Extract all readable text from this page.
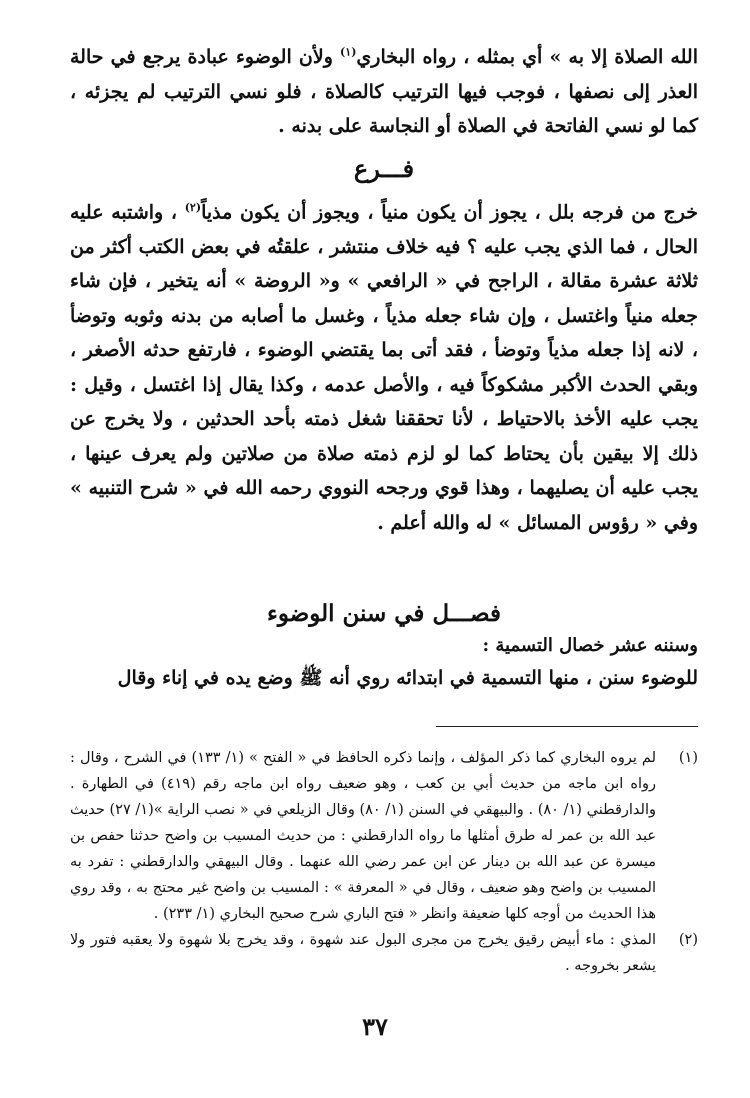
الله الصلاة إلا به » أي بمثله ، رواه البخاري$^{(١)}$ ولأن الوضوء عبادة يرجع في حالة العذر إلى نصفها ، فوجب فيها الترتيب كالصلاة ، فلو نسي الترتيب لم يجزئه ، كما لو نسي الفاتحة في الصلاة أو النجاسة على بدنه .

فـــرع

خرج من فرجه بلل ، يجوز أن يكون منياً ، ويجوز أن يكون مذياً$^{(٢)}$ ، واشتبه عليه الحال ، فما الذي يجب عليه ؟ فيه خلاف منتشر ، علقتُه في بعض الكتب أكثر من ثلاثة عشرة مقالة ، الراجح في « الرافعي » و« الروضة » أنه يتخير ، فإن شاء جعله منياً واغتسل ، وإن شاء جعله مذياً ، وغسل ما أصابه من بدنه وثوبه وتوضأ ، لانه إذا جعله مذياً وتوضأ ، فقد أتى بما يقتضي الوضوء ، فارتفع حدثه الأصغر ، وبقي الحدث الأكبر مشكوكاً فيه ، والأصل عدمه ، وكذا يقال إذا اغتسل ، وقيل : يجب عليه الأخذ بالاحتياط ، لأنا تحققنا شغل ذمته بأحد الحدثين ، ولا يخرج عن ذلك إلا بيقين بأن يحتاط كما لو لزم ذمته صلاة من صلاتين ولم يعرف عينها ، يجب عليه أن يصليهما ، وهذا قوي ورجحه النووي رحمه الله في « شرح التنبيه » وفي « رؤوس المسائل » له والله أعلم .

فصـــل في سنن الوضوء

وسننه عشر خصال التسمية :

للوضوء سنن ، منها التسمية في ابتدائه روي أنه ﷺ وضع يده في إناء وقال

(١)
لم يروه البخاري كما ذكر المؤلف ، وإنما ذكره الحافظ في « الفتح » (١/ ١٣٣) في الشرح ، وقال : رواه ابن ماجه من حديث أبي بن كعب ، وهو ضعيف رواه ابن ماجه رقم (٤١٩) في الطهارة . والدارقطني (١/ ٨٠) . والبيهقي في السنن (١/ ٨٠) وقال الزيلعي في « نصب الراية »(١/ ٢٧) حديث عبد الله بن عمر له طرق أمثلها ما رواه الدارقطني : من حديث المسيب بن واضح حدثنا حفص بن ميسرة عن عبد الله بن دينار عن ابن عمر رضي الله عنهما . وقال البيهقي والدارقطني : تفرد به المسيب بن واضح وهو ضعيف ، وقال في « المعرفة » : المسيب بن واضح غير محتج به ، وقد روي هذا الحديث من أوجه كلها ضعيفة وانظر « فتح الباري شرح صحيح البخاري (١/ ٢٣٣) .
(٢)
المذي : ماء أبيض رقيق يخرج من مجرى البول عند شهوة ، وقد يخرج بلا شهوة ولا يعقبه فتور ولا يشعر بخروجه .
٣٧
